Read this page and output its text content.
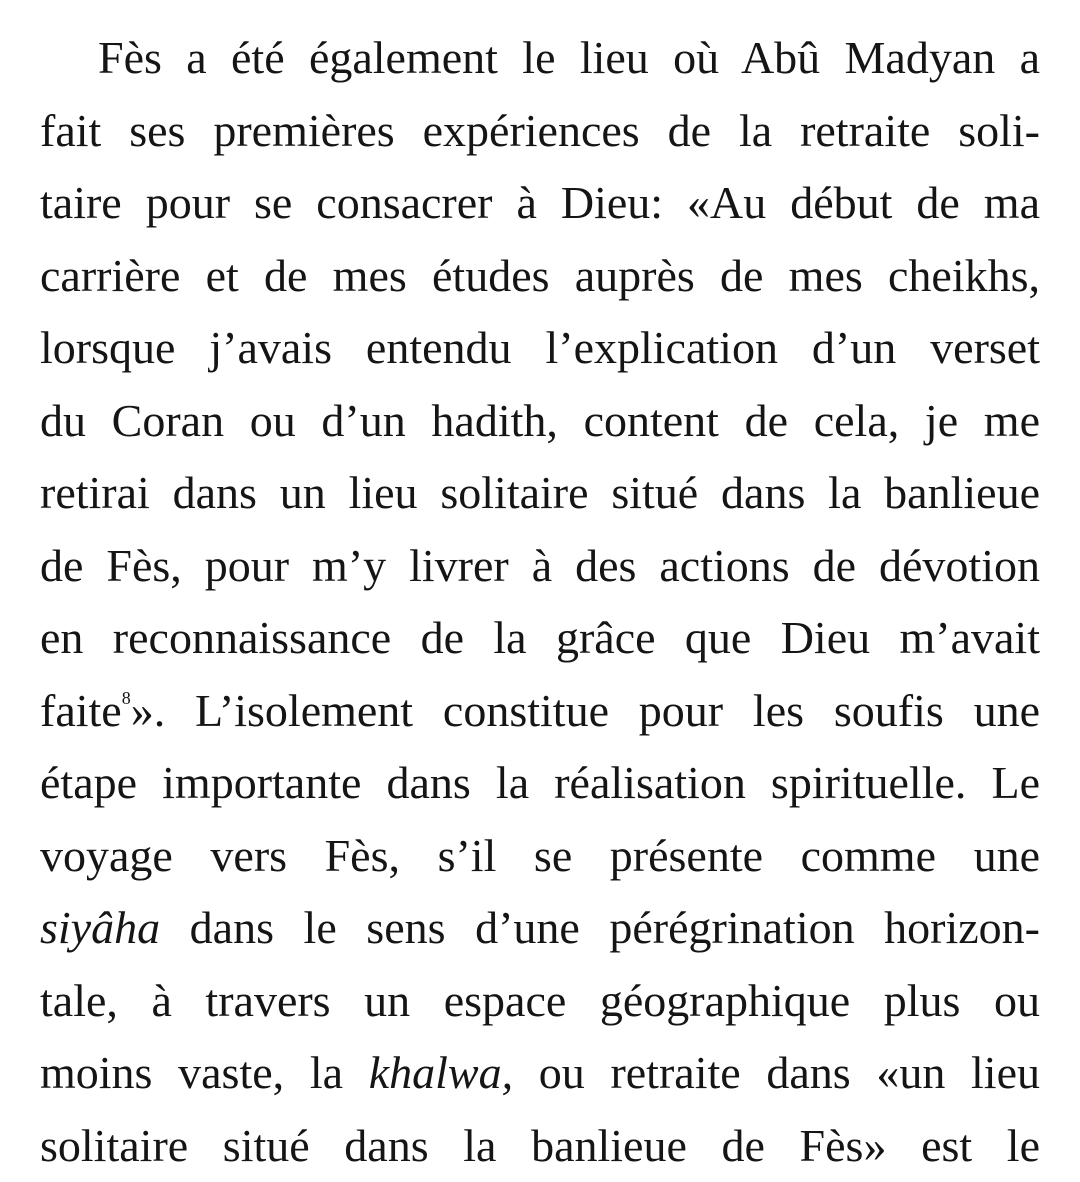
Fès a été également le lieu où Abû Madyan a
fait ses premières expériences de la retraite soli-
taire pour se consacrer à Dieu: «Au début de ma
carrière et de mes études auprès de mes cheikhs,
lorsque j’avais entendu l’explication d’un verset
du Coran ou d’un hadith, content de cela, je me
retirai dans un lieu solitaire situé dans la banlieue
de Fès, pour m’y livrer à des actions de dévotion
en reconnaissance de la grâce que Dieu m’avait
faite$^8$». L’isolement constitue pour les soufis une
étape importante dans la réalisation spirituelle. Le
voyage vers Fès, s’il se présente comme une
siyâha dans le sens d’une pérégrination horizon-
tale, à travers un espace géographique plus ou
moins vaste, la khalwa, ou retraite dans «un lieu
solitaire situé dans la banlieue de Fès» est le
